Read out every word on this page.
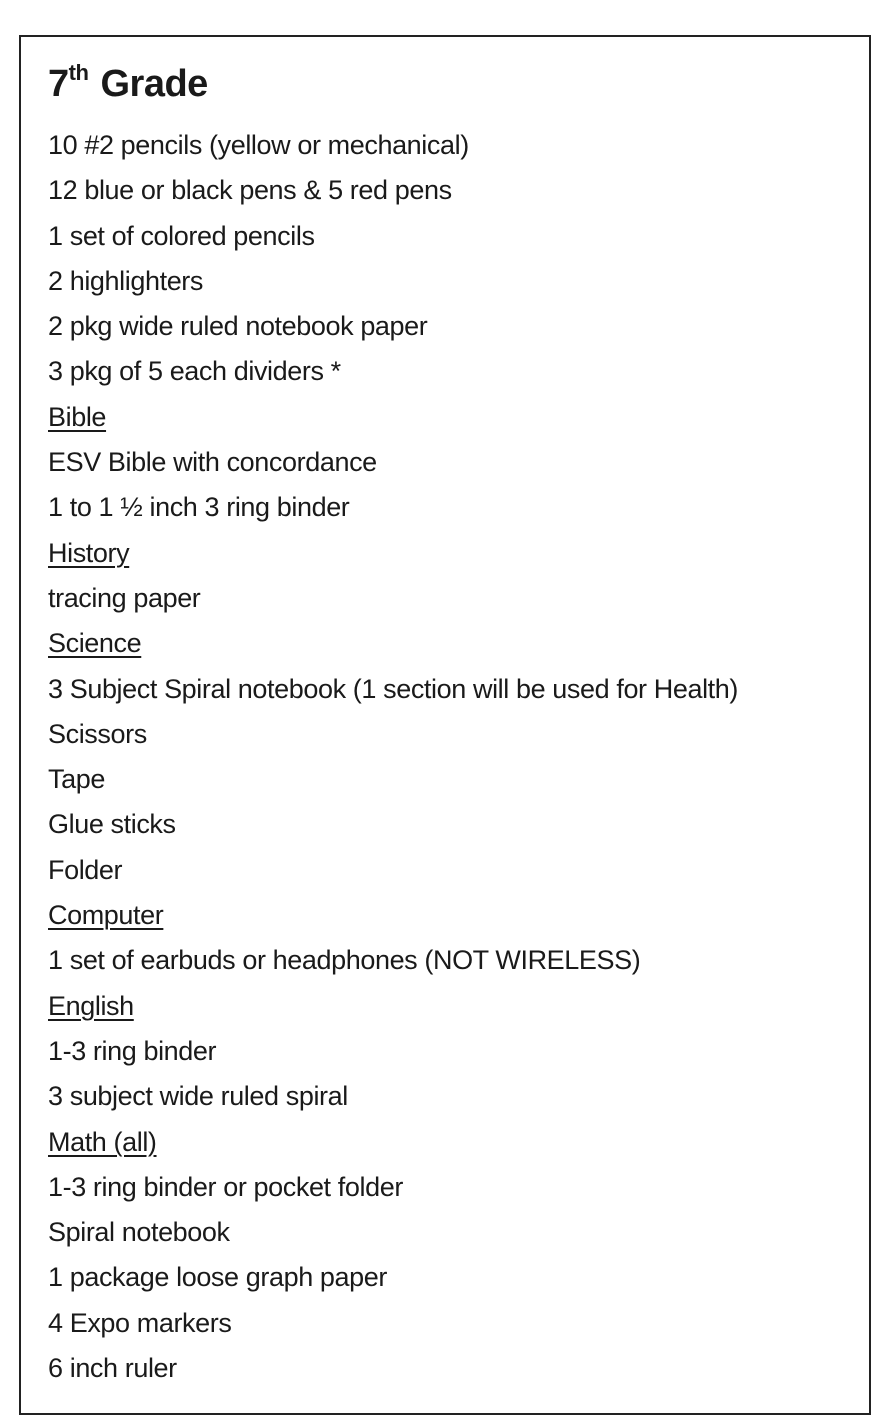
7th Grade
10 #2 pencils (yellow or mechanical)
12 blue or black pens & 5 red pens
1 set of colored pencils
2 highlighters
2 pkg wide ruled notebook paper
3 pkg of 5 each dividers *
Bible
ESV Bible with concordance
1 to 1 ½ inch 3 ring binder
History
tracing paper
Science
3 Subject Spiral notebook (1 section will be used for Health)
Scissors
Tape
Glue sticks
Folder
Computer
1 set of earbuds or headphones (NOT WIRELESS)
English
1-3 ring binder
3 subject wide ruled spiral
Math (all)
1-3 ring binder or pocket folder
Spiral notebook
1 package loose graph paper
4 Expo markers
6 inch ruler
